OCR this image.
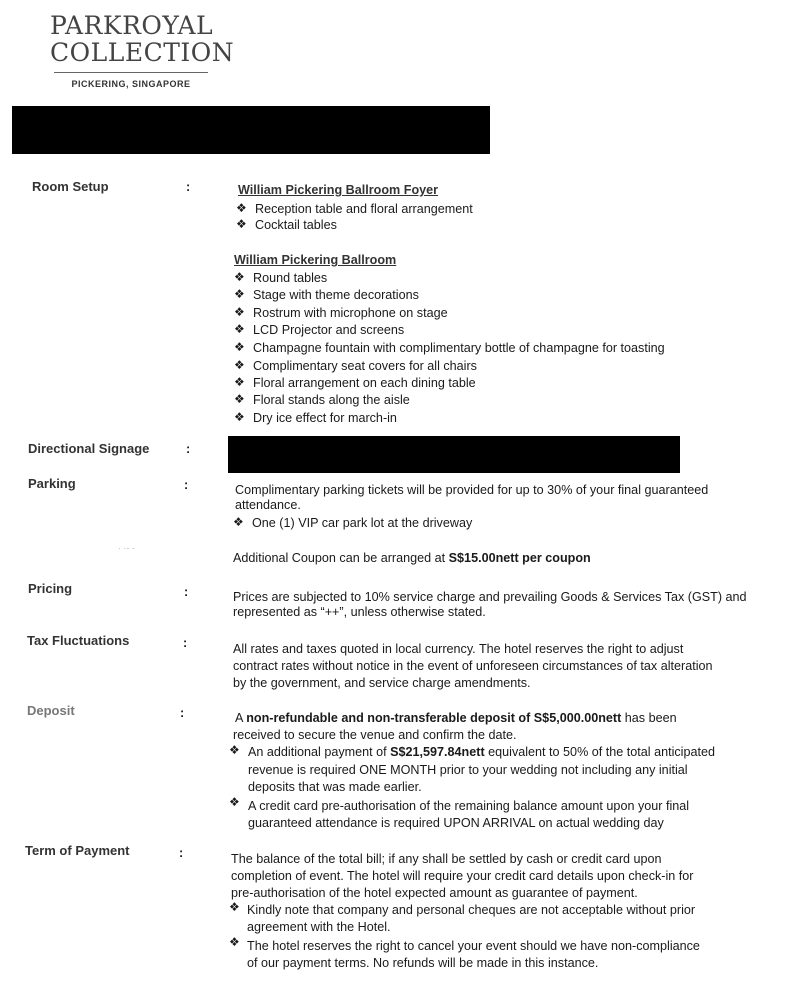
PARKROYAL
COLLECTION
PICKERING, SINGAPORE
Room Setup	:	William Pickering Ballroom Foyer
❖ Reception table and floral arrangement
❖ Cocktail tables
William Pickering Ballroom
❖ Round tables
❖ Stage with theme decorations
❖ Rostrum with microphone on stage
❖ LCD Projector and screens
❖ Champagne fountain with complimentary bottle of champagne for toasting
❖ Complimentary seat covers for all chairs
❖ Floral arrangement on each dining table
❖ Floral stands along the aisle
❖ Dry ice effect for march-in
Directional Signage	:
Parking	:	Complimentary parking tickets will be provided for up to 30% of your final guaranteed
attendance.
❖ One (1) VIP car park lot at the driveway
· ·‐ ‐
Additional Coupon can be arranged at S$15.00nett per coupon
Pricing	:	Prices are subjected to 10% service charge and prevailing Goods & Services Tax (GST) and
represented as “++”, unless otherwise stated.
Tax Fluctuations	:	All rates and taxes quoted in local currency. The hotel reserves the right to adjust
contract rates without notice in the event of unforeseen circumstances of tax alteration
by the government, and service charge amendments.
Deposit	:	A non-refundable and non-transferable deposit of S$5,000.00nett has been
received to secure the venue and confirm the date.
❖ An additional payment of S$21,597.84nett equivalent to 50% of the total anticipated
revenue is required ONE MONTH prior to your wedding not including any initial
deposits that was made earlier.
❖ A credit card pre-authorisation of the remaining balance amount upon your final
guaranteed attendance is required UPON ARRIVAL on actual wedding day
Term of Payment	:	The balance of the total bill; if any shall be settled by cash or credit card upon
completion of event. The hotel will require your credit card details upon check-in for
pre-authorisation of the hotel expected amount as guarantee of payment.
❖ Kindly note that company and personal cheques are not acceptable without prior
agreement with the Hotel.
❖ The hotel reserves the right to cancel your event should we have non-compliance
of our payment terms. No refunds will be made in this instance.
